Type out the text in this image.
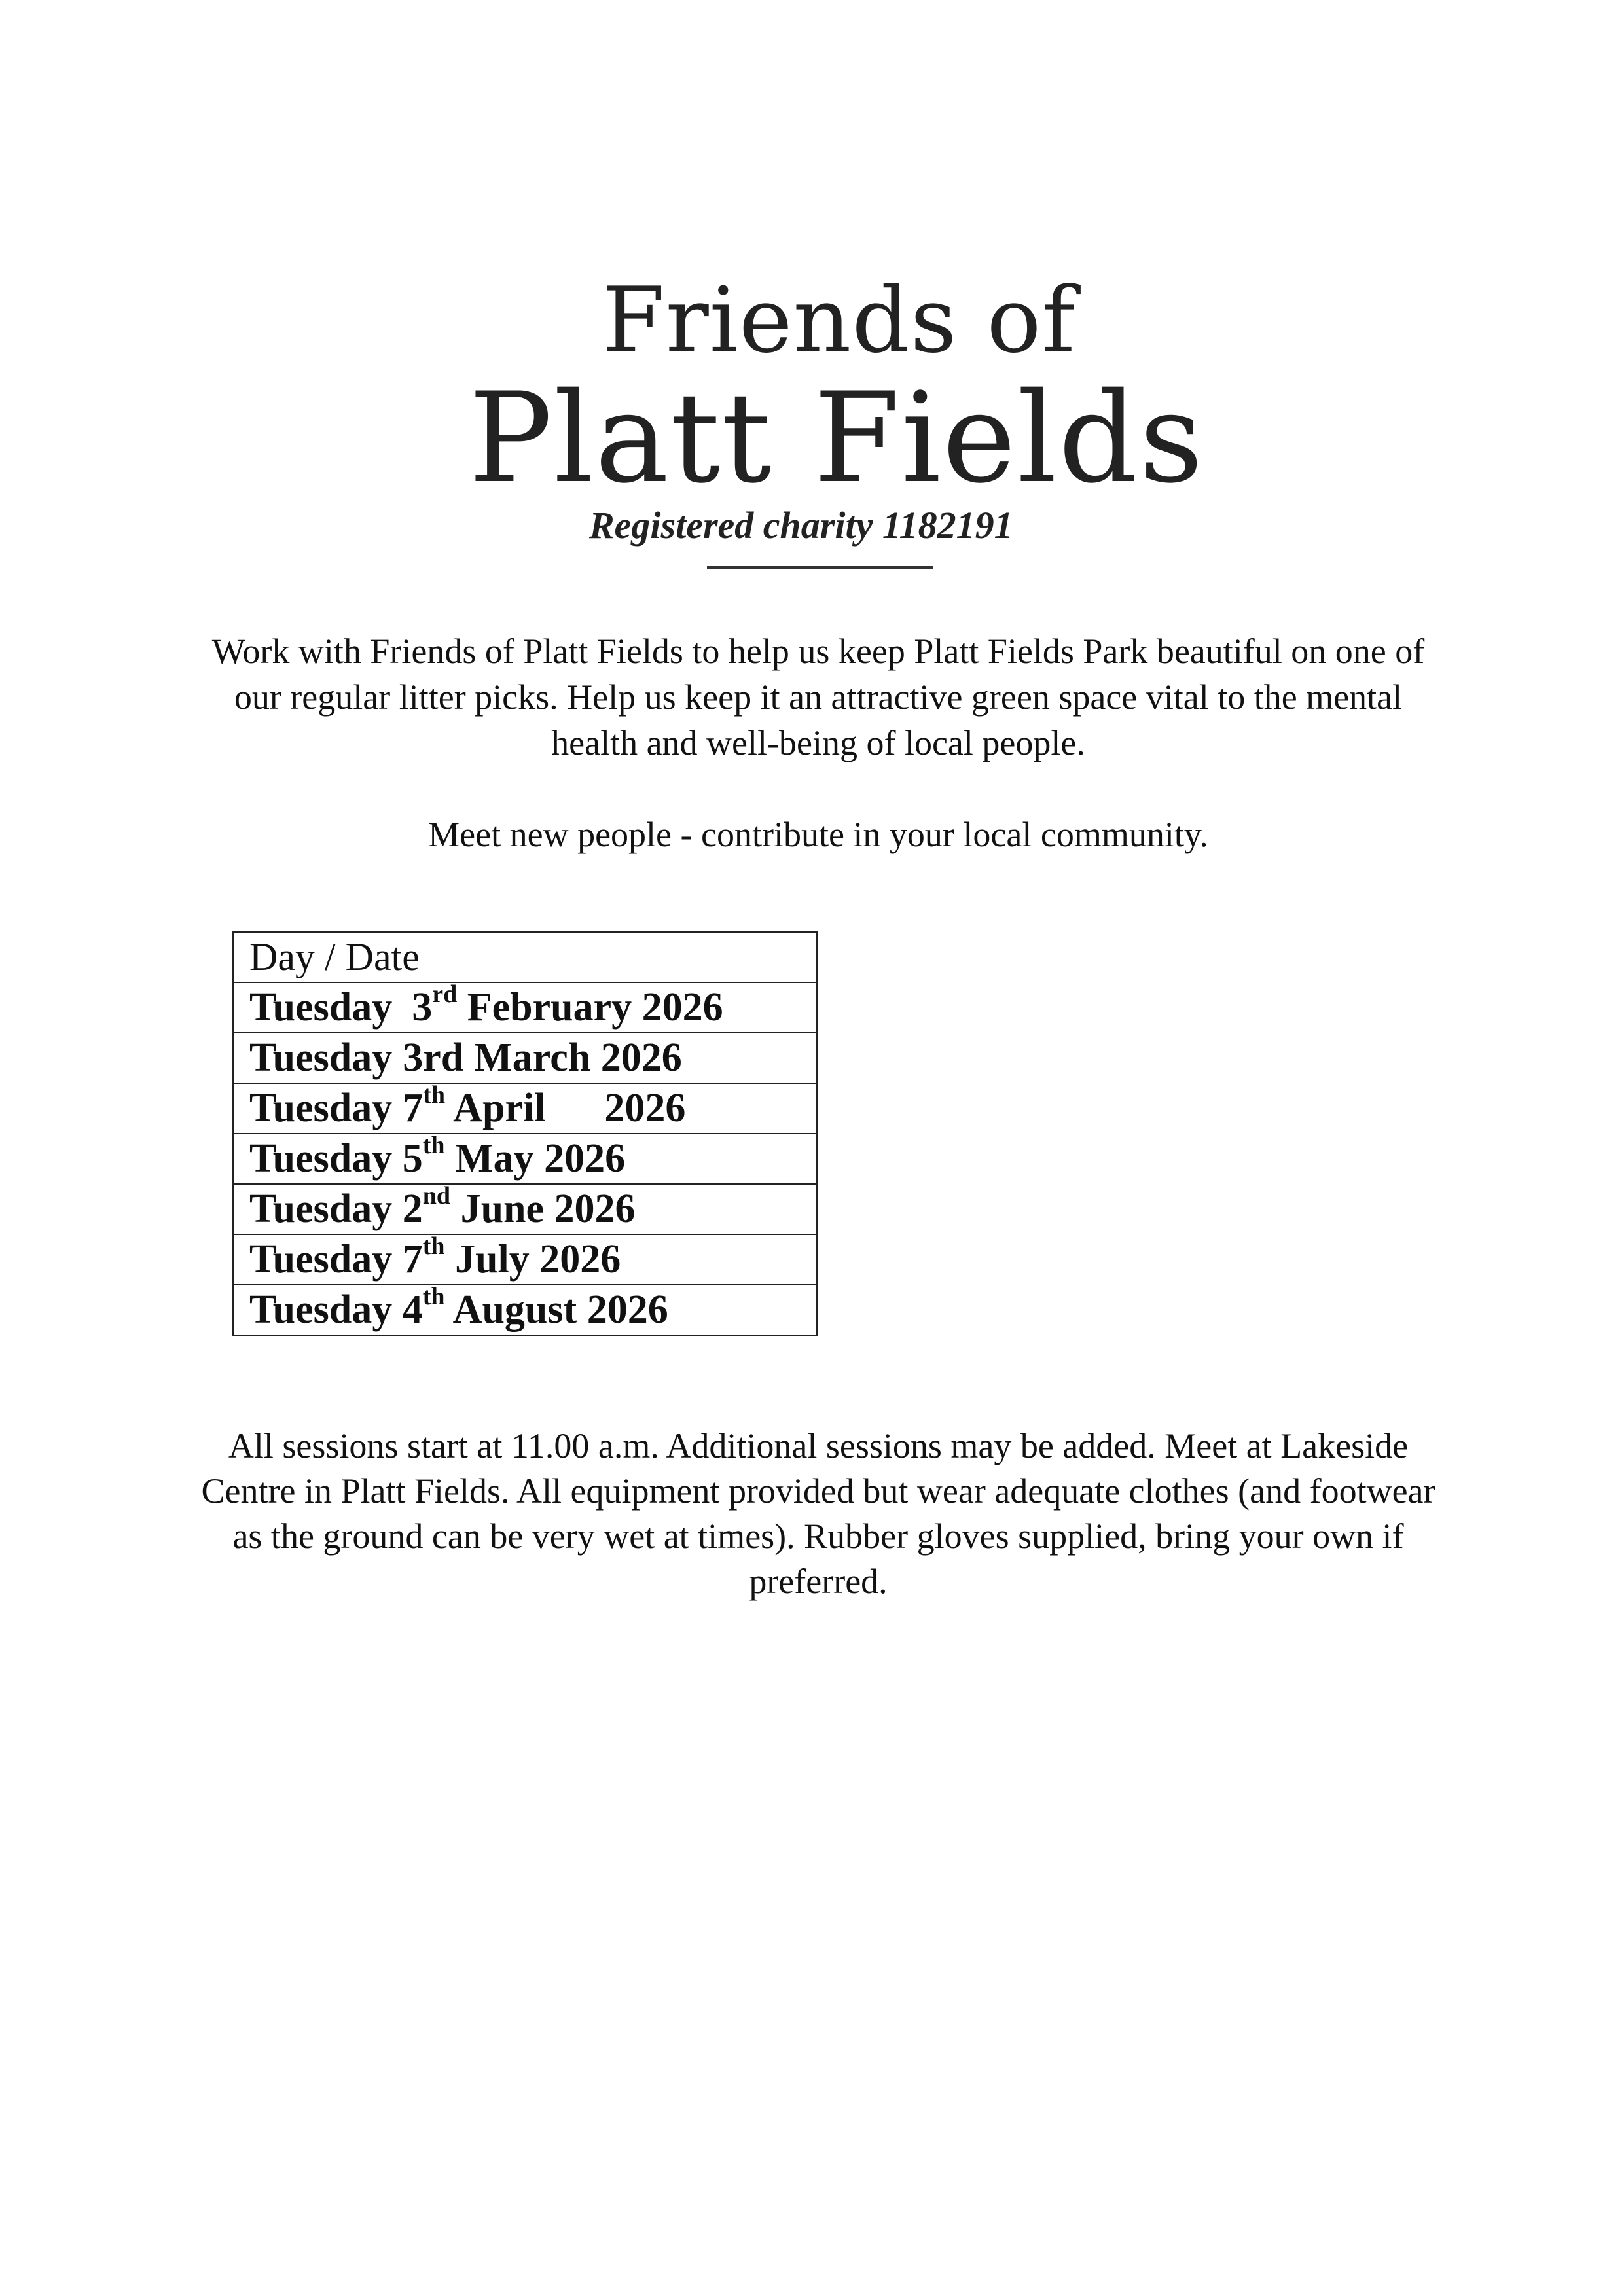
Friends of
Platt Fields
Registered charity 1182191

Work with Friends of Platt Fields to help us keep Platt Fields Park beautiful on one of our regular litter picks. Help us keep it an attractive green space vital to the mental health and well-being of local people.

Meet new people - contribute in your local community.

Day / Date
Tuesday 3rd February 2026
Tuesday 3rd March 2026
Tuesday 7th April 2026
Tuesday 5th May 2026
Tuesday 2nd June 2026
Tuesday 7th July 2026
Tuesday 4th August 2026

All sessions start at 11.00 a.m. Additional sessions may be added. Meet at Lakeside Centre in Platt Fields. All equipment provided but wear adequate clothes (and footwear as the ground can be very wet at times). Rubber gloves supplied, bring your own if preferred.
